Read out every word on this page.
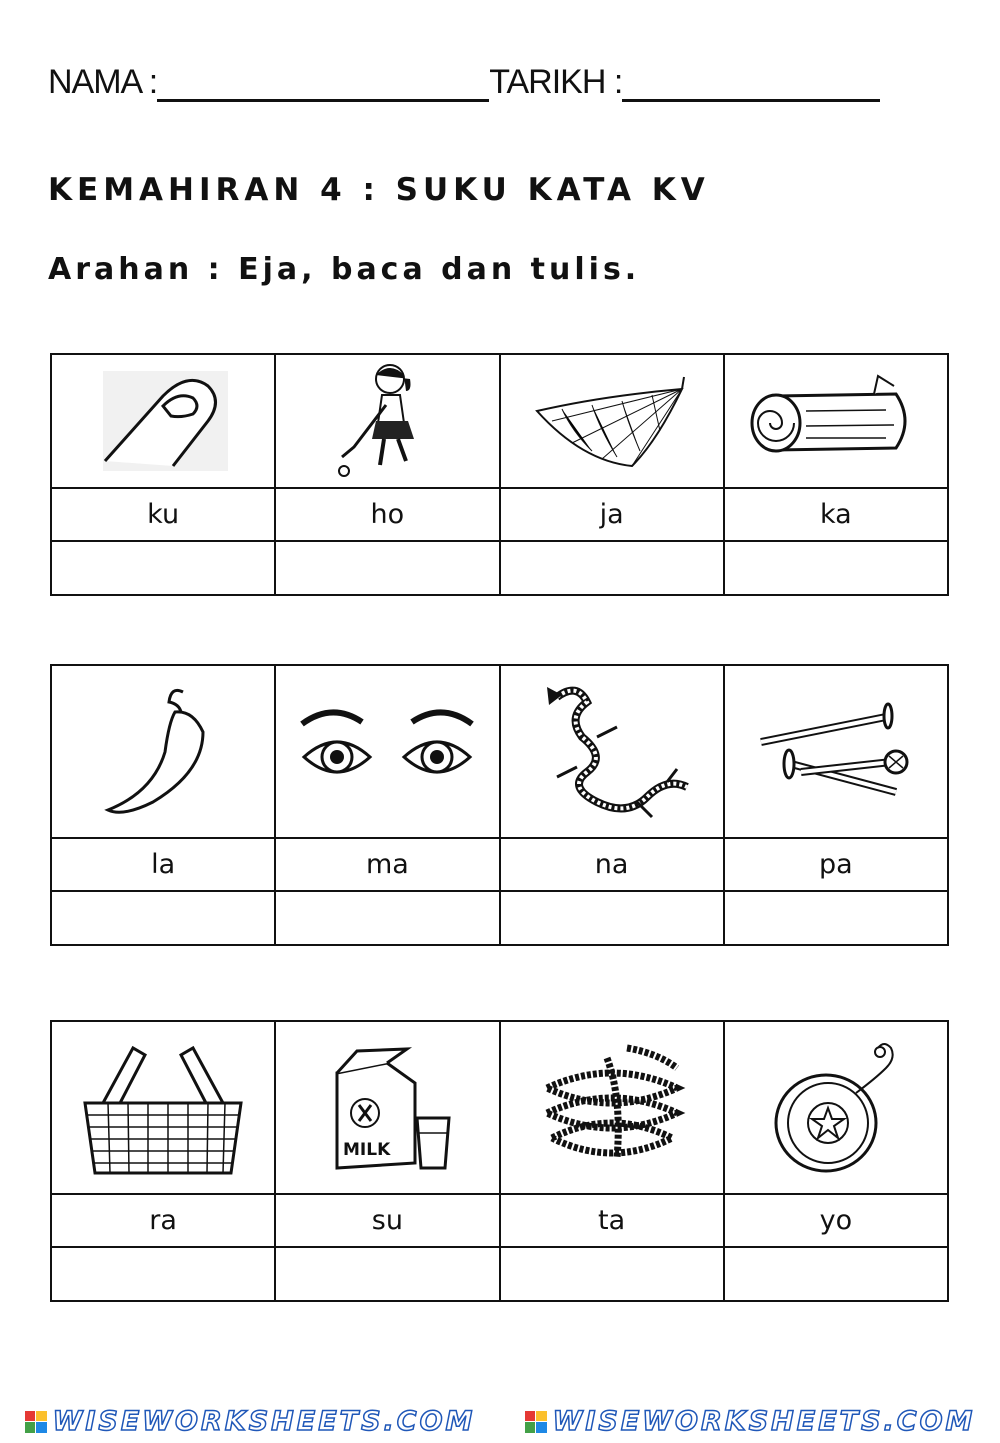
NAMA :	TARIKH :
KEMAHIRAN 4 : SUKU KATA KV
Arahan : Eja, baca dan tulis.

ku	ho	ja	ka

la	ma	na	pa

MILK

ra	su	ta	yo

WISEWORKSHEETS.COM	WISEWORKSHEETS.COM
